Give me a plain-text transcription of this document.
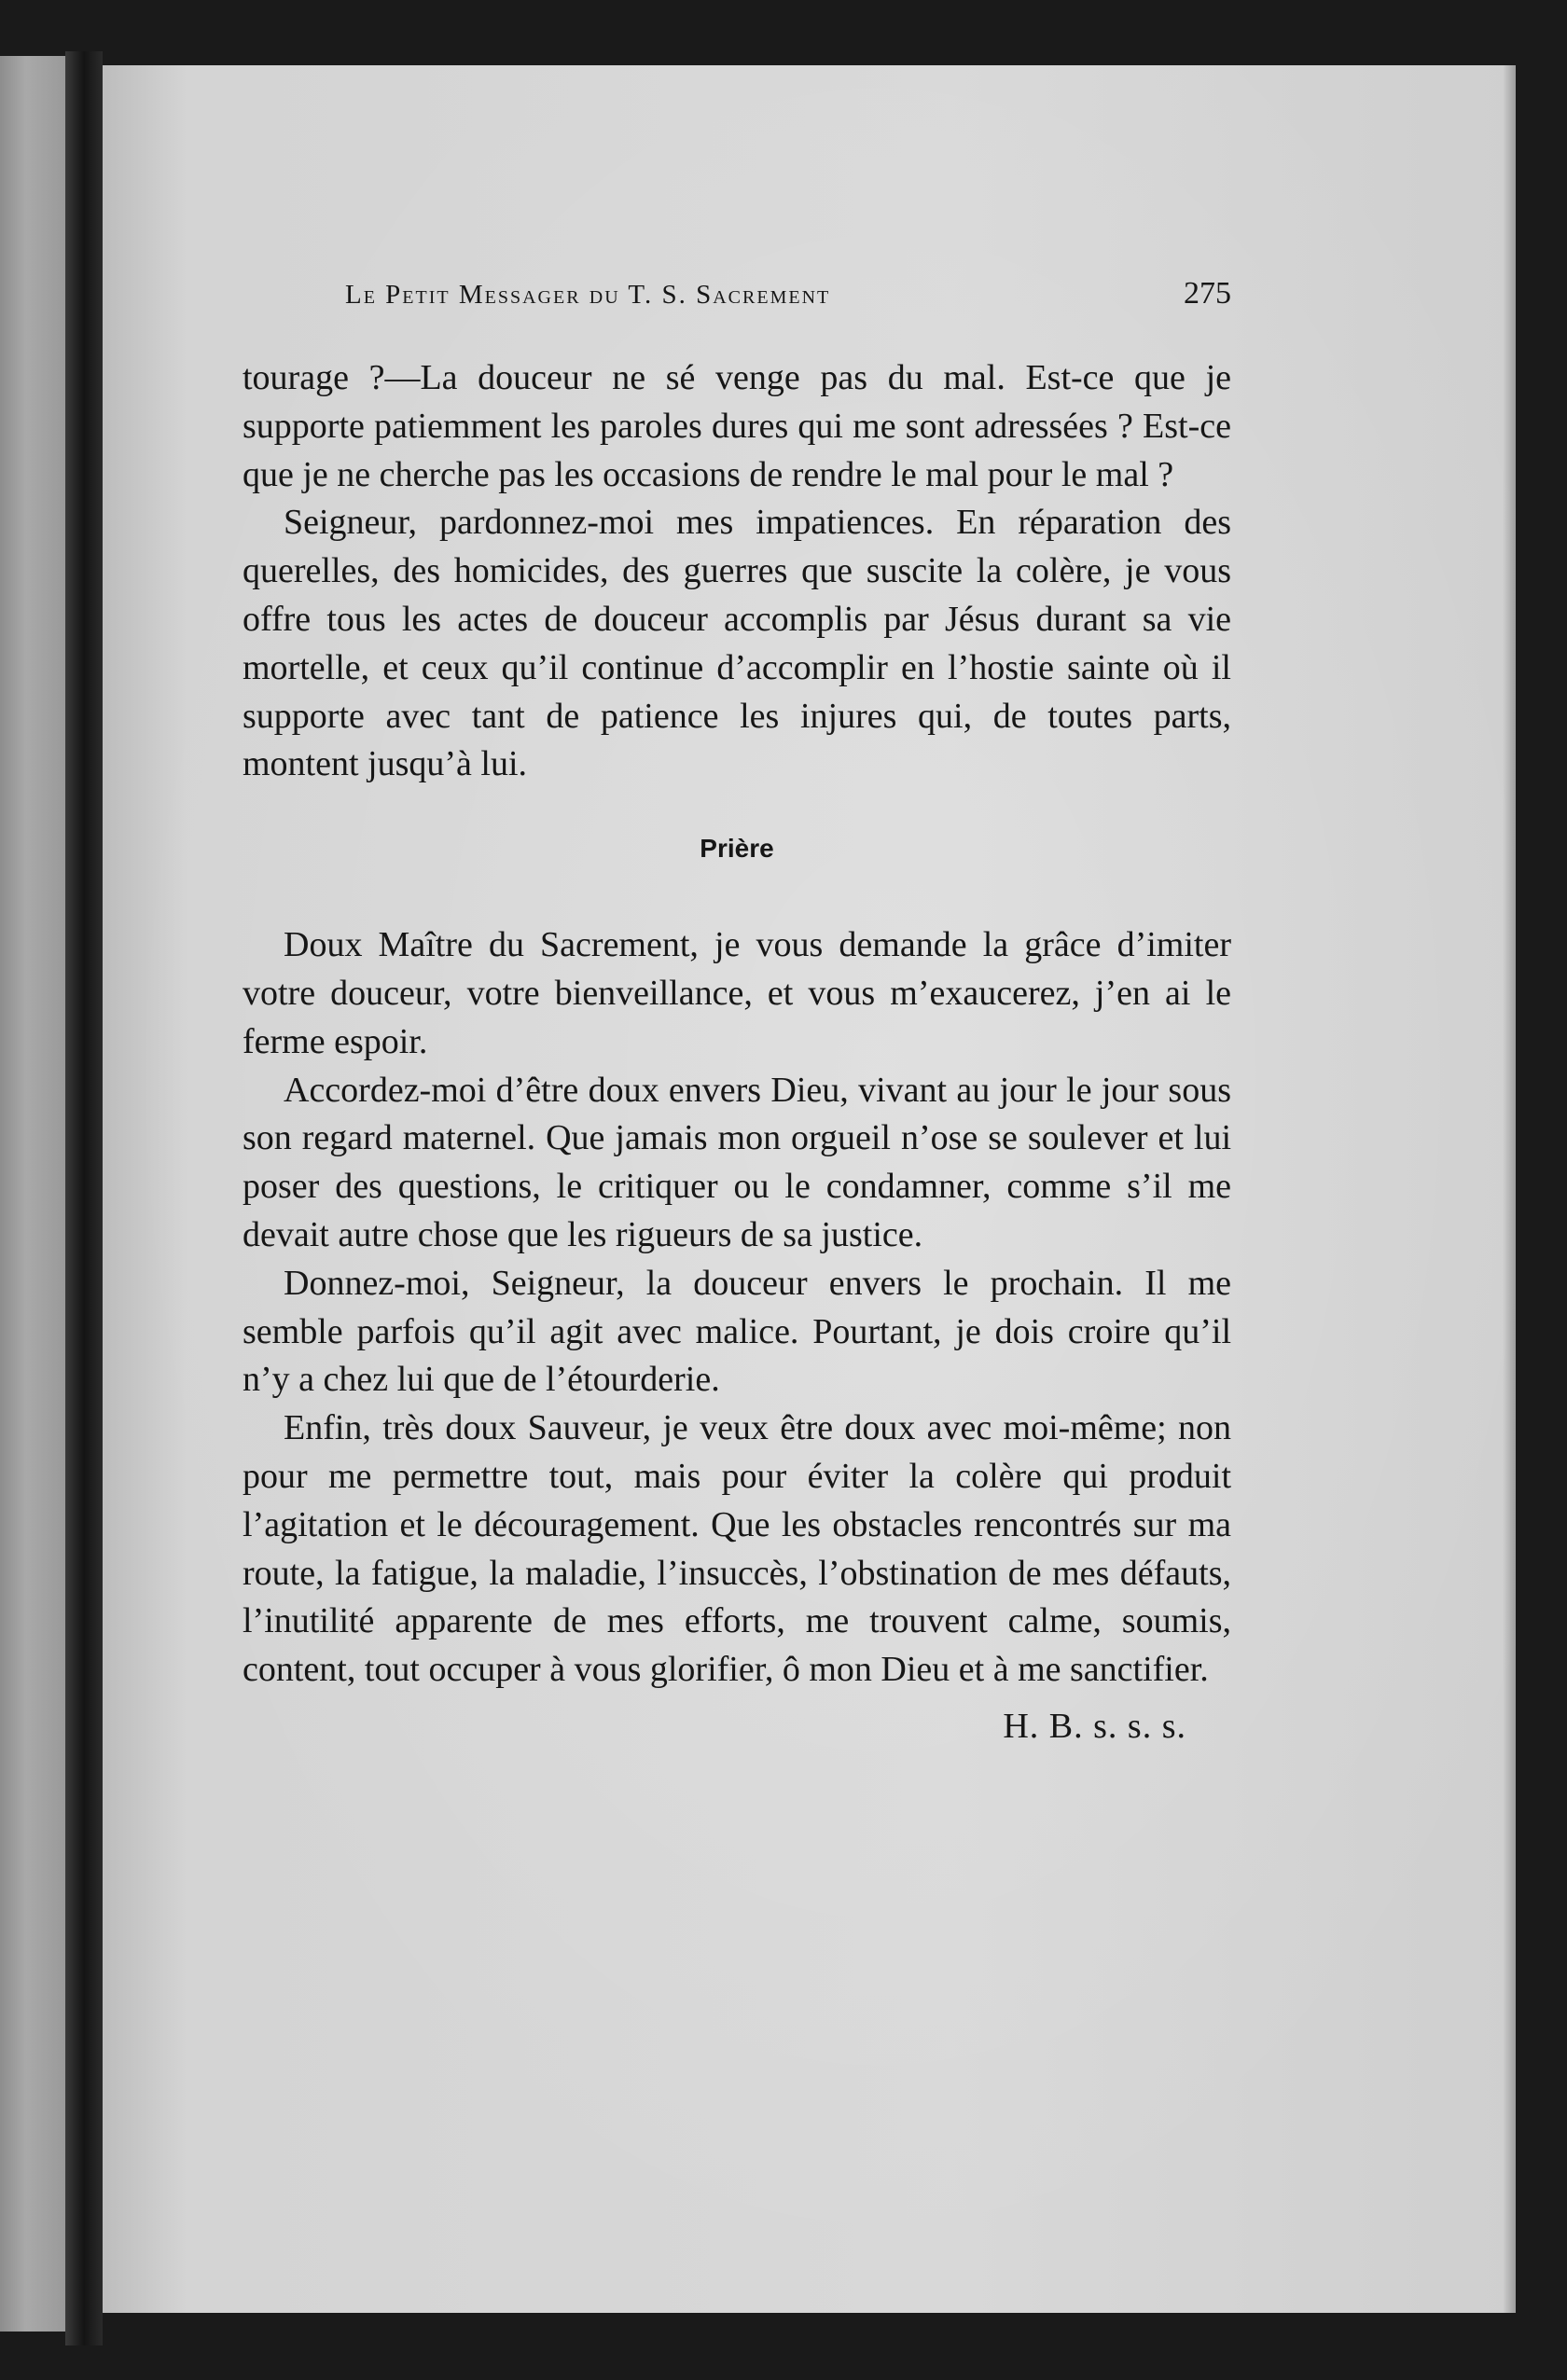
Le Petit Messager du T. S. Sacrement	275

tourage ?—La douceur ne sé venge pas du mal. Est-ce que je supporte patiemment les paroles dures qui me sont adressées ? Est-ce que je ne cherche pas les occasions de rendre le mal pour le mal ?

Seigneur, pardonnez-moi mes impatiences. En réparation des querelles, des homicides, des guerres que suscite la colère, je vous offre tous les actes de douceur accomplis par Jésus durant sa vie mortelle, et ceux qu’il continue d’accomplir en l’hostie sainte où il supporte avec tant de patience les injures qui, de toutes parts, montent jusqu’à lui.

Prière

Doux Maître du Sacrement, je vous demande la grâce d’imiter votre douceur, votre bienveillance, et vous m’exaucerez, j’en ai le ferme espoir.

Accordez-moi d’être doux envers Dieu, vivant au jour le jour sous son regard maternel. Que jamais mon orgueil n’ose se soulever et lui poser des questions, le critiquer ou le condamner, comme s’il me devait autre chose que les rigueurs de sa justice.

Donnez-moi, Seigneur, la douceur envers le prochain. Il me semble parfois qu’il agit avec malice. Pourtant, je dois croire qu’il n’y a chez lui que de l’étourderie.

Enfin, très doux Sauveur, je veux être doux avec moi-même; non pour me permettre tout, mais pour éviter la colère qui produit l’agitation et le découragement. Que les obstacles rencontrés sur ma route, la fatigue, la maladie, l’insuccès, l’obstination de mes défauts, l’inutilité apparente de mes efforts, me trouvent calme, soumis, content, tout occuper à vous glorifier, ô mon Dieu et à me sanctifier.

H. B. s. s. s.
